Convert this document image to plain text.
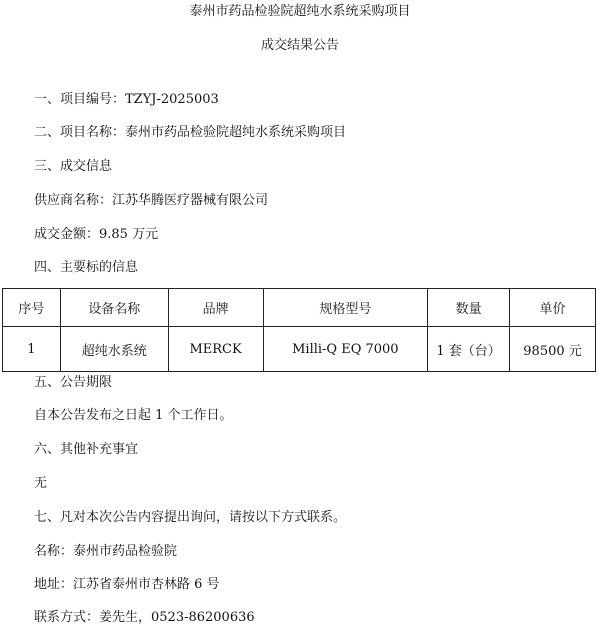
泰州市药品检验院超纯水系统采购项目
成交结果公告
一、项目编号：TZYJ-2025003
二、项目名称：泰州市药品检验院超纯水系统采购项目
三、成交信息
供应商名称：江苏华腾医疗器械有限公司
成交金额：9.85 万元
四、主要标的信息
序号	设备名称	品牌	规格型号	数量	单价
1	超纯水系统	MERCK	Milli-Q EQ 7000	1 套（台）	98500 元
五、公告期限
自本公告发布之日起 1 个工作日。
六、其他补充事宜
无
七、凡对本次公告内容提出询问，请按以下方式联系。
名称：泰州市药品检验院
地址：江苏省泰州市杏林路 6 号
联系方式：姜先生，0523-86200636
